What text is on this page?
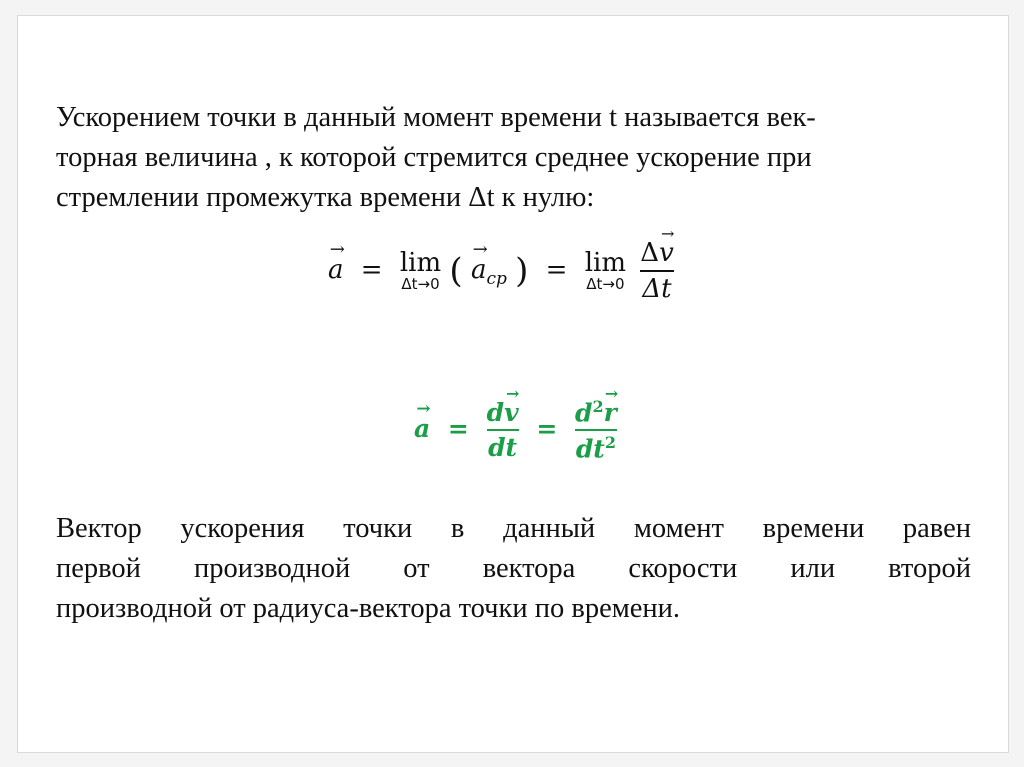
Ускорением точки в данный момент времени t называется век-
торная величина , к которой стремится среднее ускорение при
стремлении промежутка времени Δt к нулю:

→
a = lim
Δt→0 (
→
$a_{ср}$ ) = lim
Δt→0
Δ
→
v
Δt
→
a = d
→
v
dt = $d^2$
→
r
$dt^2$

Вектор ускорения точки в данный момент времени равен
первой производной от вектора скорости или второй
производной от радиуса-вектора точки по времени.
